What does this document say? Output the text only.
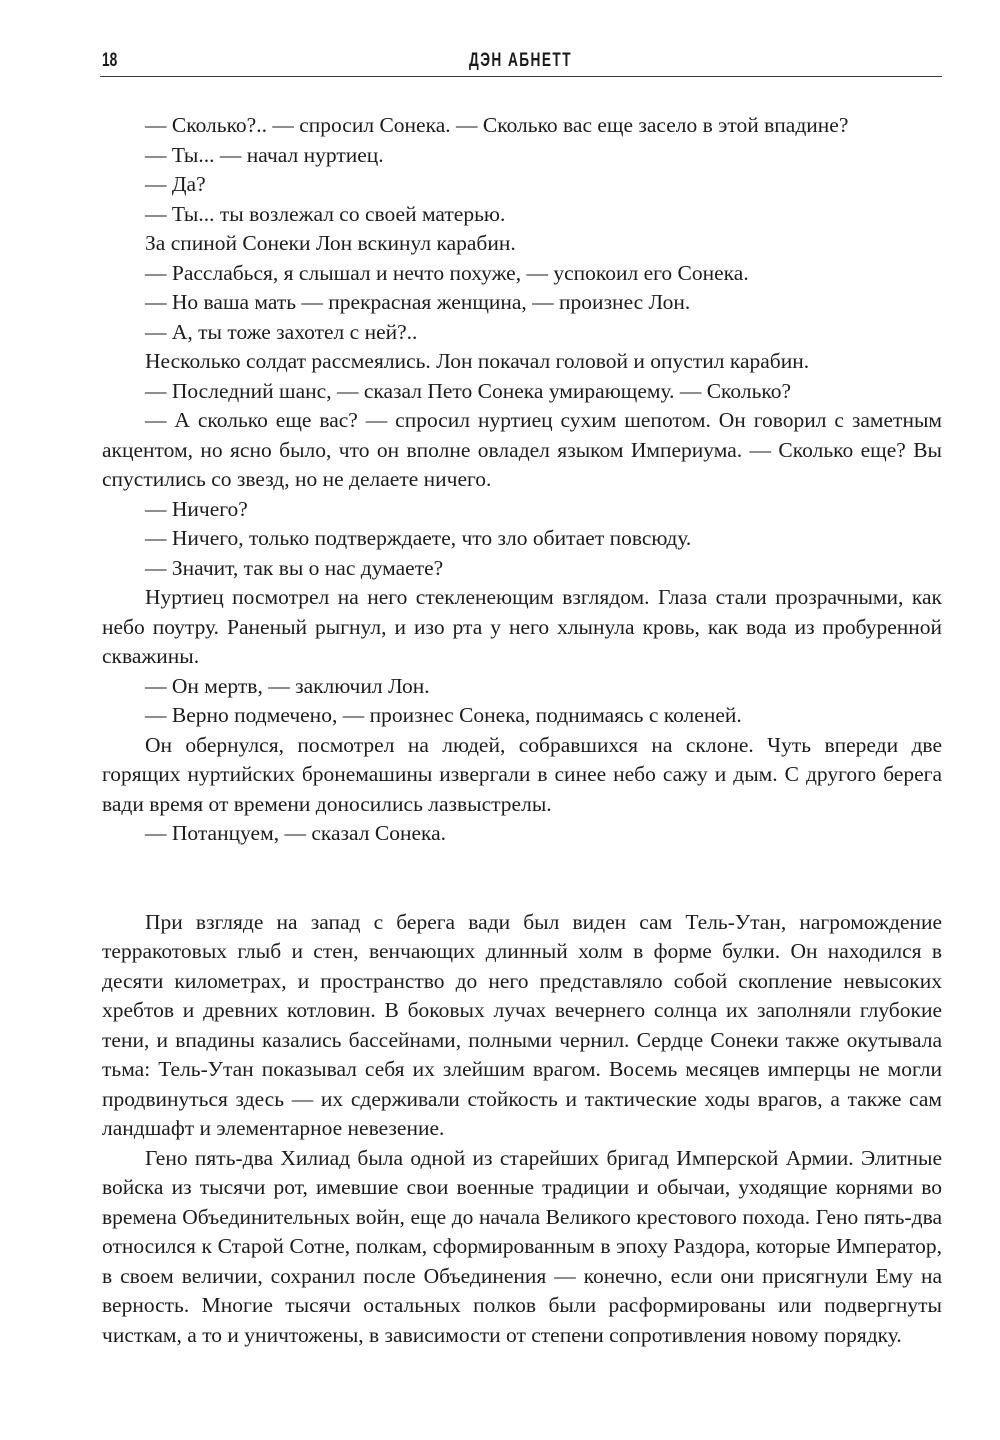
18	ДЭН АБНЕТТ

— Сколько?.. — спросил Сонека. — Сколько вас еще засело в этой впадине?

— Ты... — начал нуртиец.

— Да?

— Ты... ты возлежал со своей матерью.

За спиной Сонеки Лон вскинул карабин.

— Расслабься, я слышал и нечто похуже, — успокоил его Сонека.

— Но ваша мать — прекрасная женщина, — произнес Лон.

— А, ты тоже захотел с ней?..

Несколько солдат рассмеялись. Лон покачал головой и опустил карабин.

— Последний шанс, — сказал Пето Сонека умирающему. — Сколько?

— А сколько еще вас? — спросил нуртиец сухим шепотом. Он говорил с заметным акцентом, но ясно было, что он вполне овладел языком Империума. — Сколько еще? Вы спустились со звезд, но не делаете ничего.

— Ничего?

— Ничего, только подтверждаете, что зло обитает повсюду.

— Значит, так вы о нас думаете?

Нуртиец посмотрел на него стекленеющим взглядом. Глаза стали прозрачными, как небо поутру. Раненый рыгнул, и изо рта у него хлынула кровь, как вода из пробуренной скважины.

— Он мертв, — заключил Лон.

— Верно подмечено, — произнес Сонека, поднимаясь с коленей.

Он обернулся, посмотрел на людей, собравшихся на склоне. Чуть впереди две горящих нуртийских бронемашины извергали в синее небо сажу и дым. С другого берега вади время от времени доносились лазвыстрелы.

— Потанцуем, — сказал Сонека.

При взгляде на запад с берега вади был виден сам Тель-Утан, нагромождение терракотовых глыб и стен, венчающих длинный холм в форме булки. Он находился в десяти километрах, и пространство до него представляло собой скопление невысоких хребтов и древних котловин. В боковых лучах вечернего солнца их заполняли глубокие тени, и впадины казались бассейнами, полными чернил. Сердце Сонеки также окутывала тьма: Тель-Утан показывал себя их злейшим врагом. Восемь месяцев имперцы не могли продвинуться здесь — их сдерживали стойкость и тактические ходы врагов, а также сам ландшафт и элементарное невезение.

Гено пять-два Хилиад была одной из старейших бригад Имперской Армии. Элитные войска из тысячи рот, имевшие свои военные традиции и обычаи, уходящие корнями во времена Объединительных войн, еще до начала Великого крестового похода. Гено пять-два относился к Старой Сотне, полкам, сформированным в эпоху Раздора, которые Император, в своем величии, сохранил после Объединения — конечно, если они присягнули Ему на верность. Многие тысячи остальных полков были расформированы или подвергнуты чисткам, а то и уничтожены, в зависимости от степени сопротивления новому порядку.
